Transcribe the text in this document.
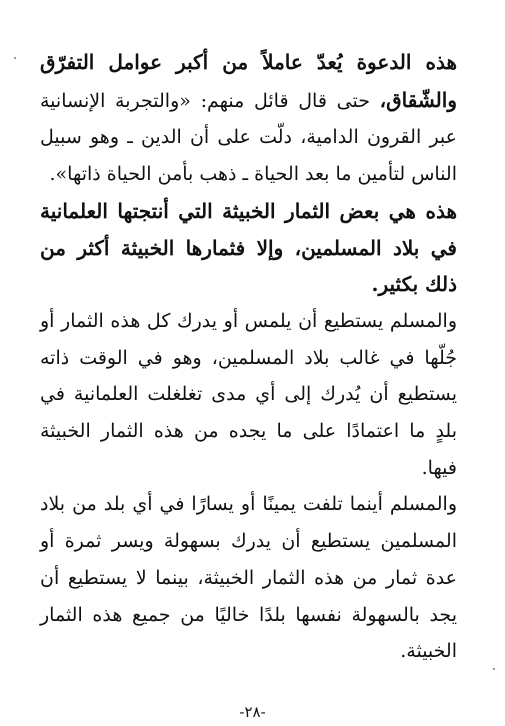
هذه الدعوة يُعدّ عاملاً من أكبر عوامل التفرّق والشّقاق، حتى قال قائل منهم: «والتجربة الإنسانية عبر القرون الدامية، دلّت على أن الدين ـ وهو سبيل الناس لتأمين ما بعد الحياة ـ ذهب بأمن الحياة ذاتها».

هذه هي بعض الثمار الخبيثة التي أنتجتها العلمانية في بلاد المسلمين، وإلا فثمارها الخبيثة أكثر من ذلك بكثير.

والمسلم يستطيع أن يلمس أو يدرك كل هذه الثمار أو جُلّها في غالب بلاد المسلمين، وهو في الوقت ذاته يستطيع أن يُدرك إلى أي مدى تغلغلت العلمانية في بلدٍ ما اعتمادًا على ما يجده من هذه الثمار الخبيثة فيها.

والمسلم أينما تلفت يمينًا أو يسارًا في أي بلد من بلاد المسلمين يستطيع أن يدرك بسهولة ويسر ثمرة أو عدة ثمار من هذه الثمار الخبيثة، بينما لا يستطيع أن يجد بالسهولة نفسها بلدًا خاليًا من جميع هذه الثمار الخبيثة.

-٢٨-
